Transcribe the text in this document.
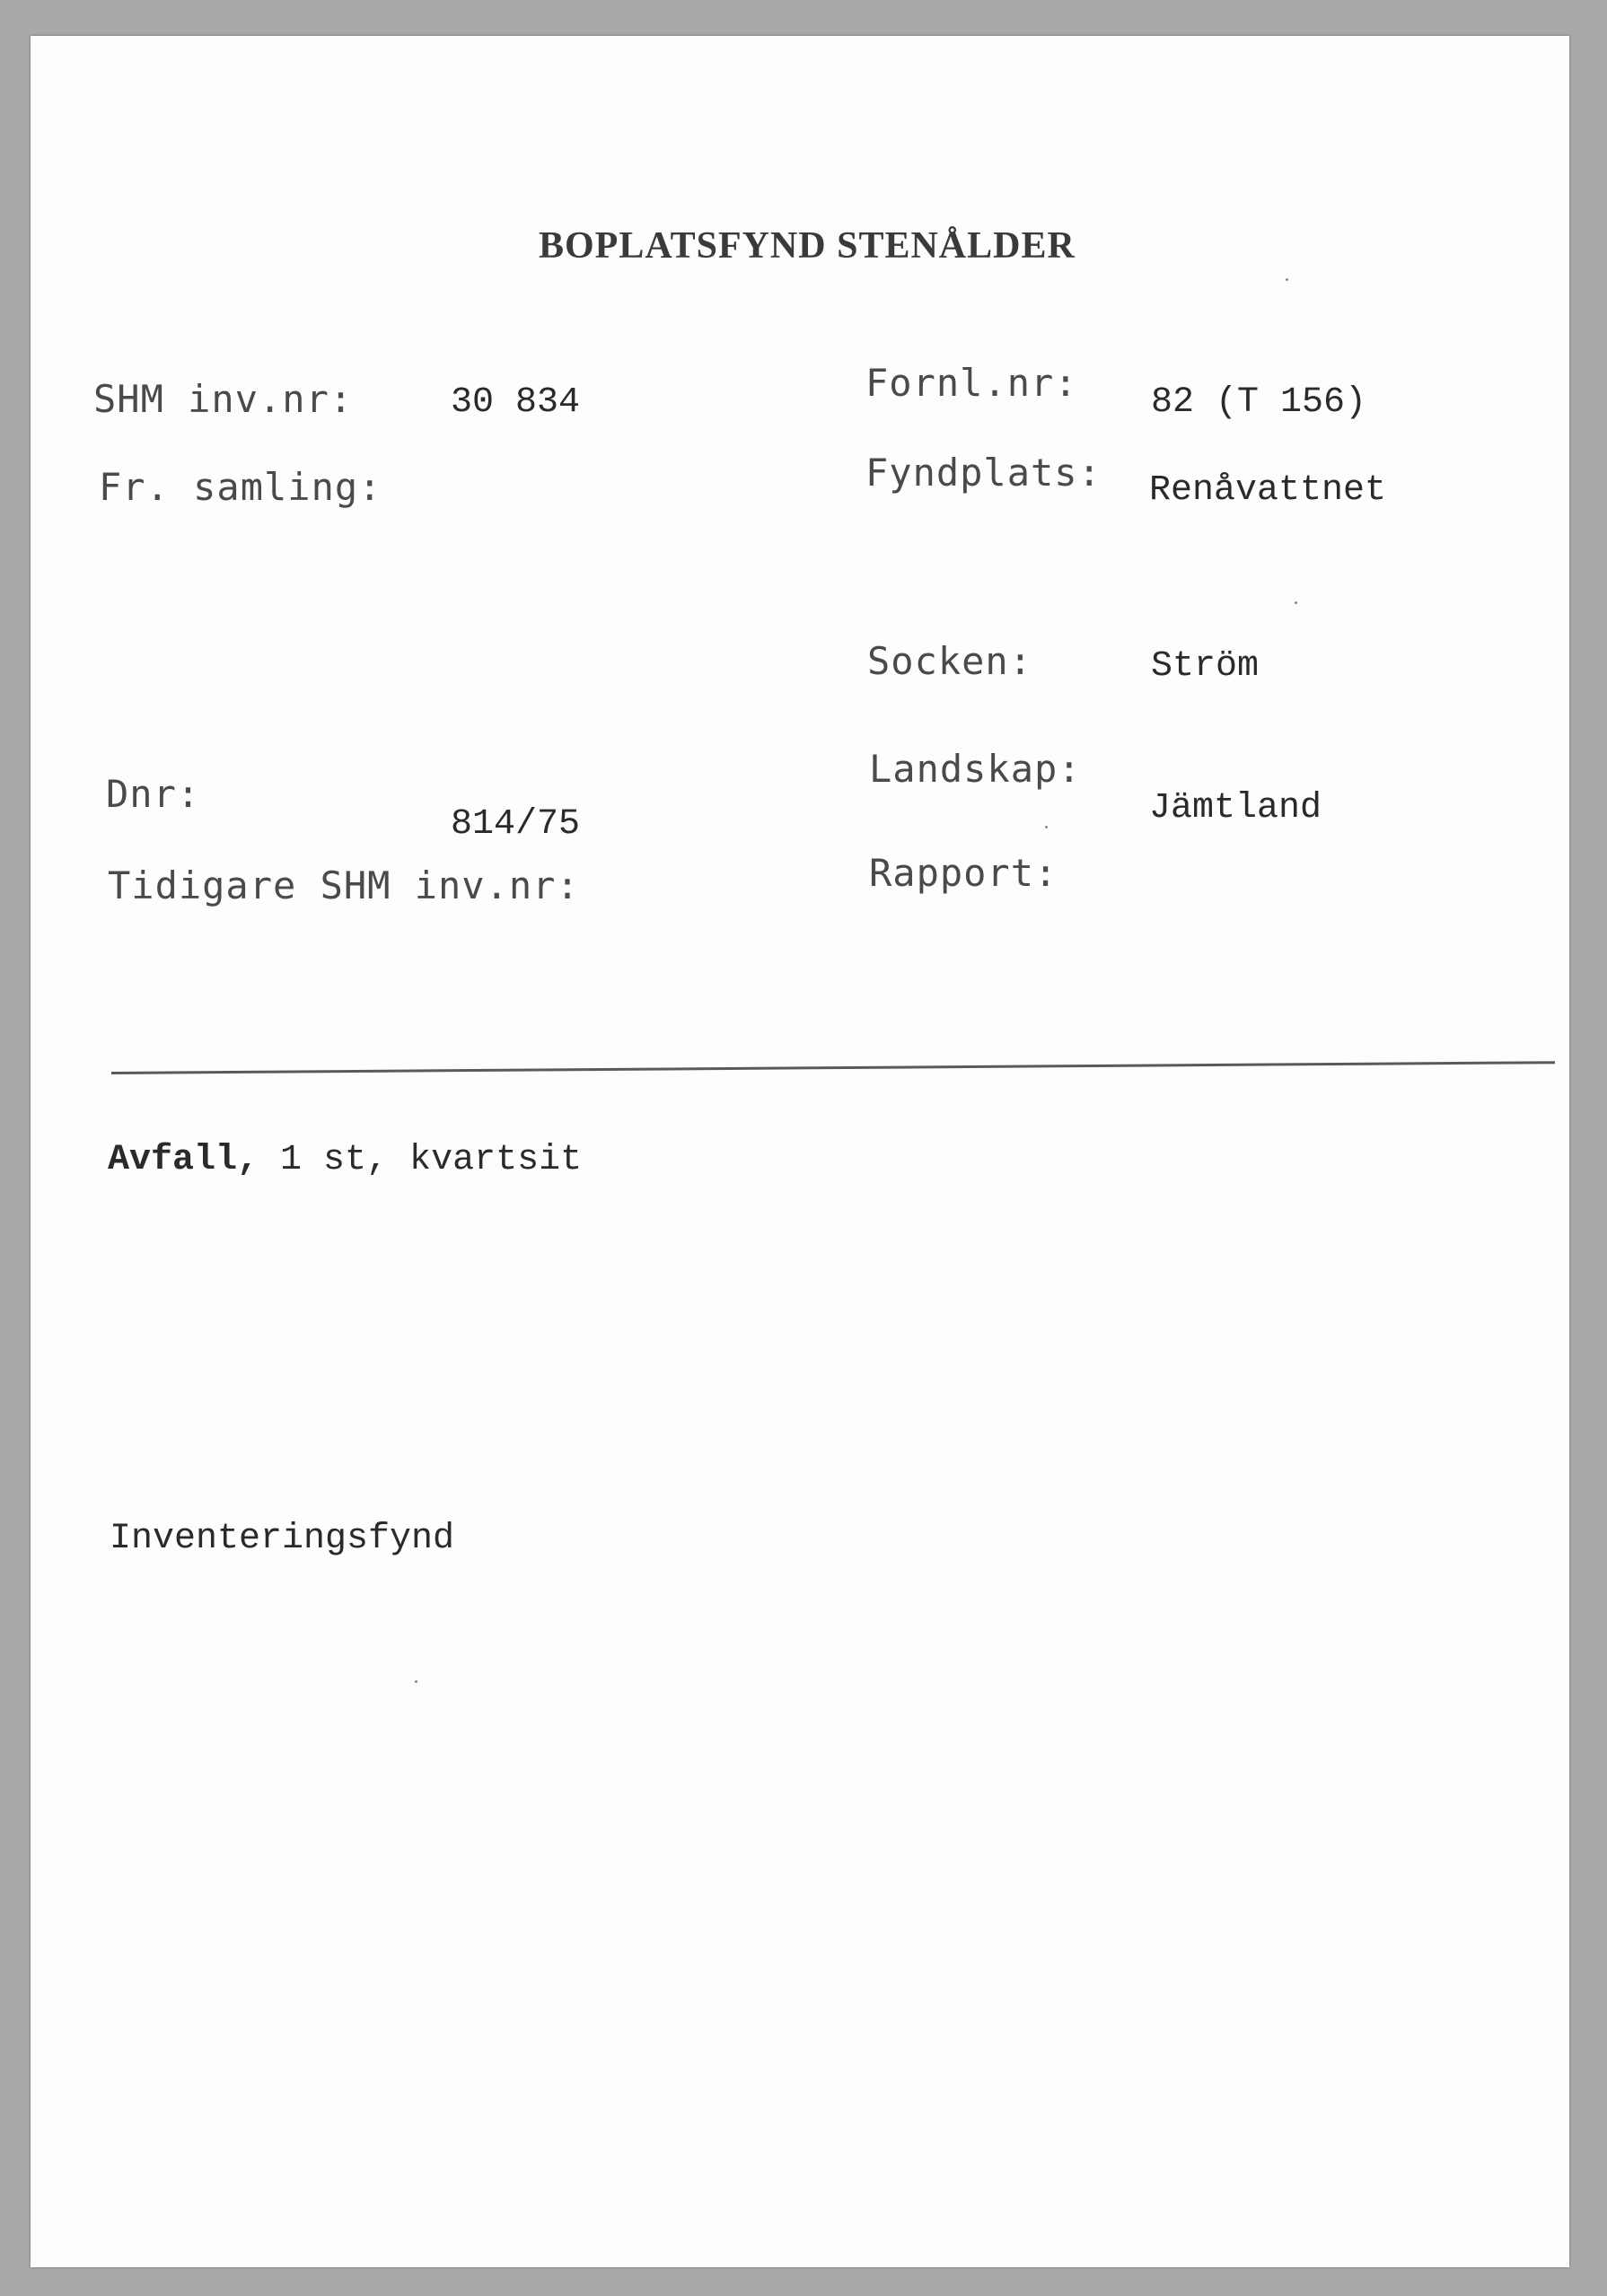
BOPLATSFYND STENÅLDER
SHM inv.nr:	30 834
Fr. samling:
Dnr:
814/75
Tidigare SHM inv.nr:
Fornl.nr: 82 (T 156)
Fyndplats: Renåvattnet
Socken:	Ström
Landskap:
Jämtland
Rapport:
Avfall, 1 st, kvartsit
Inventeringsfynd
